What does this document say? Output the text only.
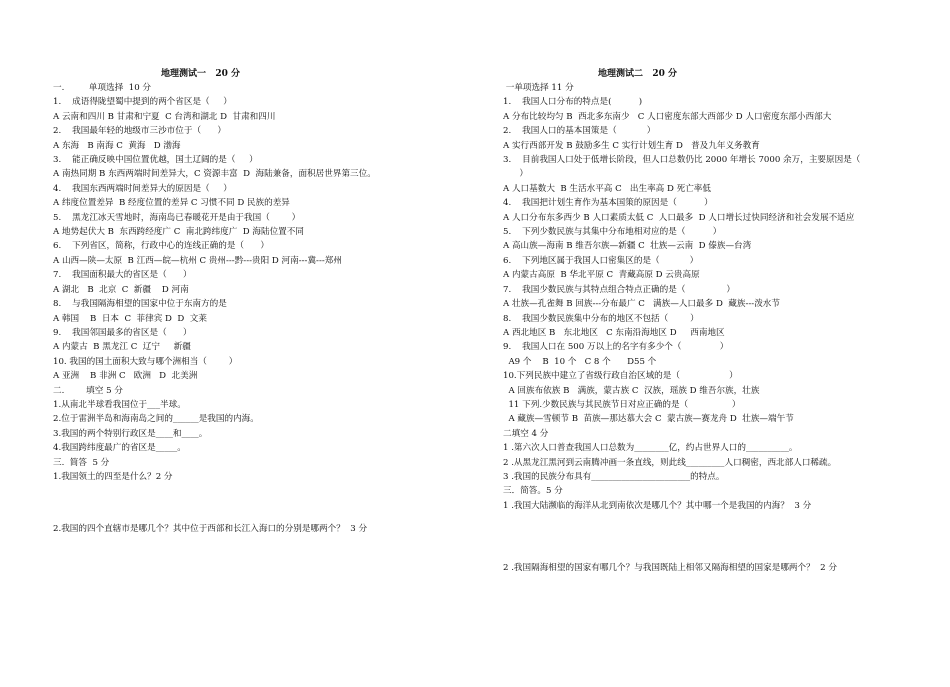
地理测试一   20 分
一.         单项选择  10 分
1.    成语得陇望蜀中提到的两个省区是（     ）
A 云南和四川 B 甘肃和宁夏  C 台湾和湖北 D  甘肃和四川
2.    我国最年轻的地级市三沙市位于（      ）
A 东海   B 南海 C  黄海   D 渤海
3.    能正确反映中国位置优越，国土辽阔的是（     ）
A 南热同期 B 东西两端时间差异大，C 资源丰富  D  海陆兼备，面积居世界第三位。
4.    我国东西两端时间差异大的原因是（     ）
A 纬度位置差异  B 经度位置的差异 C 习惯不同 D 民族的差异
5.    黑龙江冰天雪地时，海南岛已春暖花开是由于我国（        ）
A 地势起伏大 B  东西跨经度广 C  南北跨纬度广  D 海陆位置不同
6.    下列省区，简称，行政中心的连线正确的是（      ）
A 山西—陕—太原  B 江西—皖—杭州 C 贵州---黔---贵阳 D 河南---冀---郑州
7.    我国面积最大的省区是（      ）
A 湖北   B  北京  C  新疆    D 河南
8.    与我国隔海相望的国家中位于东南方的是
A 韩国    B  日本  C  菲律宾 D  D  文莱
9.    我国邻国最多的省区是（      ）
A 内蒙古  B 黑龙江 C  辽宁     新疆
10. 我国的国土面积大致与哪个洲相当（        ）
A 亚洲    B 非洲 C   欧洲   D  北美洲
二.        填空 5 分
1.从南北半球看我国位于___半球。
2.位于雷洲半岛和海南岛之间的______是我国的内海。
3.我国的两个特别行政区是____和____。
4.我国跨纬度最广的省区是_____。
三.  简答  5 分
1.我国领土的四至是什么？2 分
2.我国的四个直辖市是哪几个？其中位于西部和长江入海口的分别是哪两个？  3 分
地理测试二   20 分
一单项选择 11 分
1.    我国人口分布的特点是(          )
A 分布比较均匀 B  西北多东南少   C 人口密度东部大西部少 D 人口密度东部小西部大
2.    我国人口的基本国策是（           ）
A 实行西部开发 B 鼓励多生 C 实行计划生育 D   普及九年义务教育
3.    目前我国人口处于低增长阶段，但人口总数仍比 2000 年增长 7000 余万，主要原因是（
）
A 人口基数大  B 生活水平高 C   出生率高 D 死亡率低
4.    我国把计划生育作为基本国策的原因是（          ）
A 人口分布东多西少 B 人口素质太低 C  人口最多  D 人口增长过快同经济和社会发展不适应
5.    下列少数民族与其集中分布地相对应的是（          ）
A 高山族—海南 B 维吾尔族—新疆 C  壮族—云南  D 傣族—台湾
6.    下列地区属于我国人口密集区的是（           ）
A 内蒙古高原  B 华北平原 C  青藏高原 D 云贵高原
7.    我国少数民族与其特点组合特点正确的是（               ）
A 壮族—孔雀舞 B 回族---分布最广 C   满族—人口最多 D  藏族---泼水节
8.    我国少数民族集中分布的地区不包括（        ）
A 西北地区 B   东北地区   C 东南沿海地区 D     西南地区
9.    我国人口在 500 万以上的名字有多少个（              ）
A9 个    B  10 个   C 8 个      D55 个
10.下列民族中建立了省级行政自治区域的是（                  ）
A 回族布依族 B   满族，蒙古族 C  汉族，瑶族 D 维吾尔族，壮族
11 下列.少数民族与其民族节日对应正确的是（                ）
A 藏族—雪顿节 B  苗族—那达慕大会 C  蒙古族—赛龙舟 D  壮族—端午节
二填空 4 分
1 .第六次人口普查我国人口总数为________亿，约占世界人口的__________。
2 .从黑龙江黑河到云南腾冲画一条直线，则此线_________人口稠密，西北部人口稀疏。
3 .我国的民族分布具有_______________________的特点。
三．简答。5 分
1 .我国大陆濒临的海洋从北到南依次是哪几个？其中哪一个是我国的内海？  3 分
2 .我国隔海相望的国家有哪几个？与我国既陆上相邻又隔海相望的国家是哪两个？  2 分
